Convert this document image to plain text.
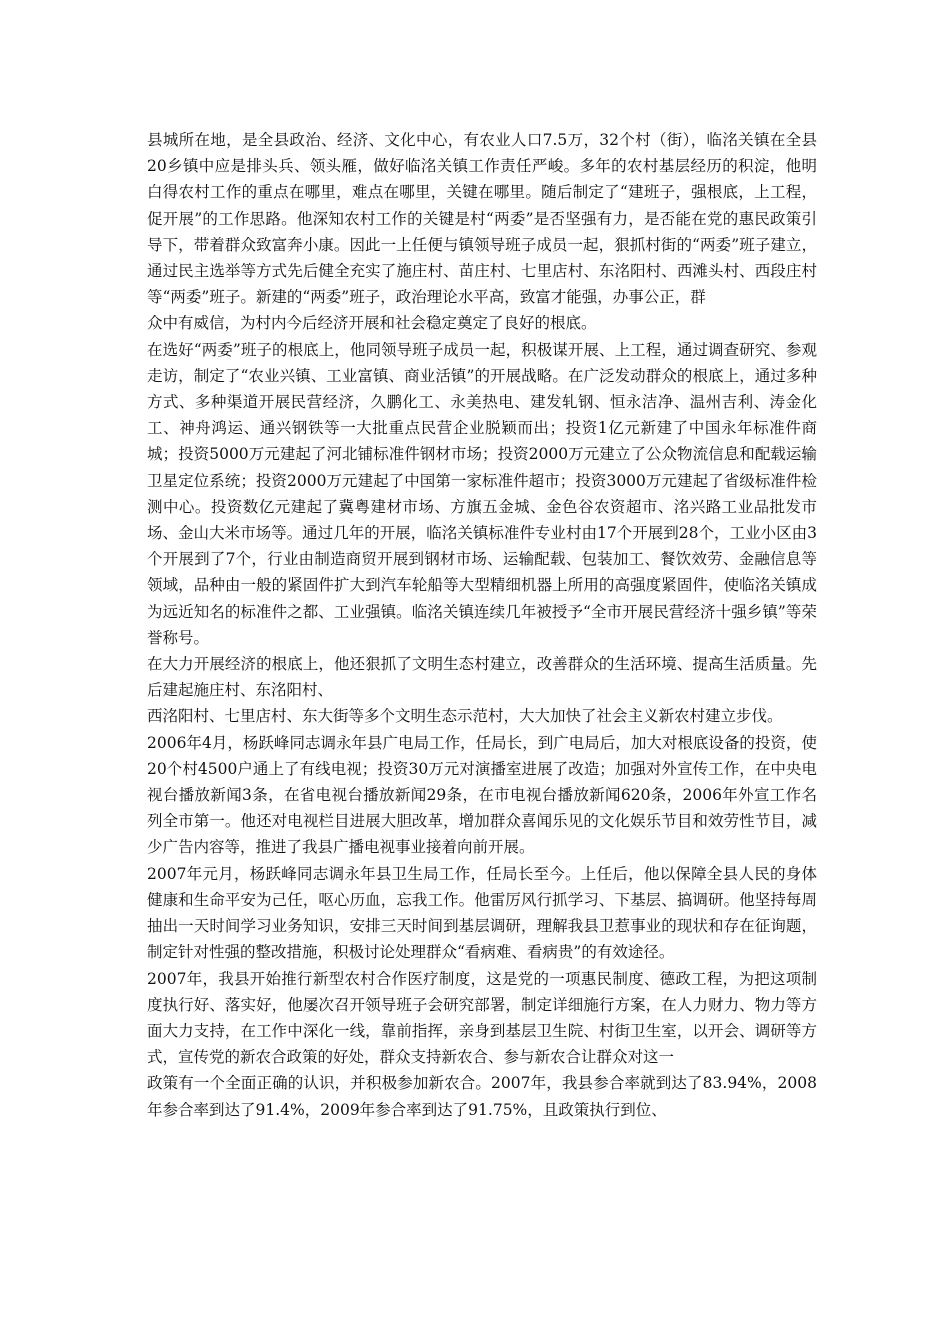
县城所在地，是全县政治、经济、文化中心，有农业人口7.5万，32个村（街），临洺关镇在全县20乡镇中应是排头兵、领头雁，做好临洺关镇工作责任严峻。多年的农村基层经历的积淀，他明白得农村工作的重点在哪里，难点在哪里，关键在哪里。随后制定了“建班子，强根底，上工程，促开展”的工作思路。他深知农村工作的关键是村“两委”是否坚强有力，是否能在党的惠民政策引导下，带着群众致富奔小康。因此一上任便与镇领导班子成员一起，狠抓村街的“两委”班子建立，通过民主选举等方式先后健全充实了施庄村、苗庄村、七里店村、东洺阳村、西滩头村、西段庄村等“两委”班子。新建的“两委”班子，政治理论水平高，致富才能强，办事公正，群

众中有威信，为村内今后经济开展和社会稳定奠定了良好的根底。

在选好“两委”班子的根底上，他同领导班子成员一起，积极谋开展、上工程，通过调查研究、参观走访，制定了“农业兴镇、工业富镇、商业活镇”的开展战略。在广泛发动群众的根底上，通过多种方式、多种渠道开展民营经济，久鹏化工、永美热电、建发轧钢、恒永洁净、温州吉利、涛金化工、神舟鸿运、通兴钢铁等一大批重点民营企业脱颖而出；投资1亿元新建了中国永年标准件商城；投资5000万元建起了河北铺标准件钢材市场；投资2000万元建立了公众物流信息和配载运输卫星定位系统；投资2000万元建起了中国第一家标准件超市；投资3000万元建起了省级标准件检测中心。投资数亿元建起了冀粤建材市场、方旗五金城、金色谷农资超市、洺兴路工业品批发市场、金山大米市场等。通过几年的开展，临洺关镇标准件专业村由17个开展到28个，工业小区由3个开展到了7个，行业由制造商贸开展到钢材市场、运输配载、包装加工、餐饮效劳、金融信息等领域，品种由一般的紧固件扩大到汽车轮船等大型精细机器上所用的高强度紧固件，使临洺关镇成为远近知名的标准件之都、工业强镇。临洺关镇连续几年被授予“全市开展民营经济十强乡镇”等荣誉称号。

在大力开展经济的根底上，他还狠抓了文明生态村建立，改善群众的生活环境、提高生活质量。先后建起施庄村、东洺阳村、

西洺阳村、七里店村、东大街等多个文明生态示范村，大大加快了社会主义新农村建立步伐。

2006年4月，杨跃峰同志调永年县广电局工作，任局长，到广电局后，加大对根底设备的投资，使20个村4500户通上了有线电视；投资30万元对演播室进展了改造；加强对外宣传工作，在中央电视台播放新闻3条，在省电视台播放新闻29条，在市电视台播放新闻620条，2006年外宣工作名列全市第一。他还对电视栏目进展大胆改革，增加群众喜闻乐见的文化娱乐节目和效劳性节目，减少广告内容等，推进了我县广播电视事业接着向前开展。

2007年元月，杨跃峰同志调永年县卫生局工作，任局长至今。上任后，他以保障全县人民的身体健康和生命平安为己任，呕心历血，忘我工作。他雷厉风行抓学习、下基层、搞调研。他坚持每周抽出一天时间学习业务知识，安排三天时间到基层调研，理解我县卫惹事业的现状和存在征询题，制定针对性强的整改措施，积极讨论处理群众“看病难、看病贵”的有效途径。

2007年，我县开始推行新型农村合作医疗制度，这是党的一项惠民制度、德政工程，为把这项制度执行好、落实好，他屡次召开领导班子会研究部署，制定详细施行方案，在人力财力、物力等方面大力支持，在工作中深化一线，靠前指挥，亲身到基层卫生院、村街卫生室，以开会、调研等方式，宣传党的新农合政策的好处，群众支持新农合、参与新农合让群众对这一

政策有一个全面正确的认识，并积极参加新农合。2007年，我县参合率就到达了83.94%，2008年参合率到达了91.4%，2009年参合率到达了91.75%，且政策执行到位、
